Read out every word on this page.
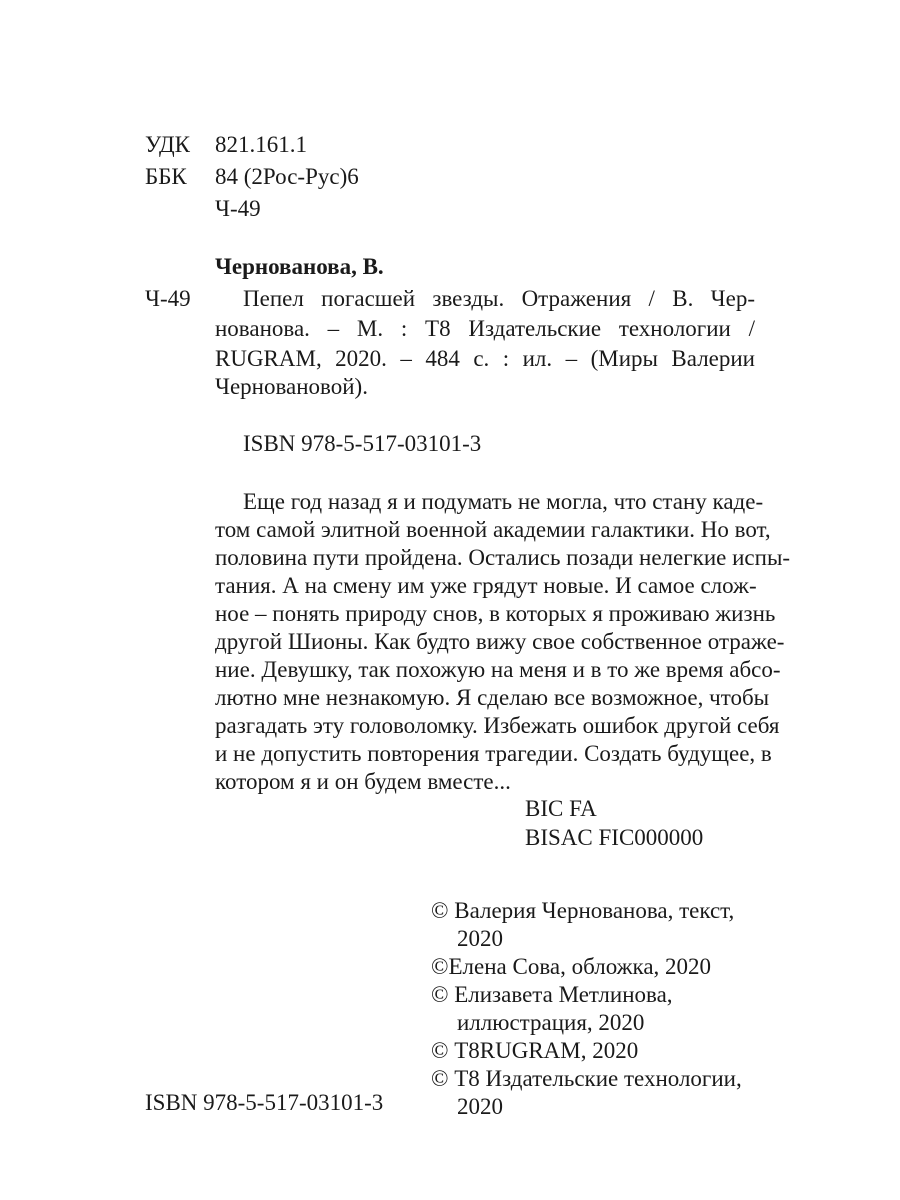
УДК 821.161.1
ББК 84 (2Рос-Рус)6
Ч-49
Чернованова, В.
Ч-49 Пепел погасшей звезды. Отражения / В. Чер-
нованова. – М. : Т8 Издательские технологии /
RUGRAM, 2020. – 484 с. : ил. – (Миры Валерии
Черновановой).
ISBN 978-5-517-03101-3
Еще год назад я и подумать не могла, что стану каде-
том самой элитной военной академии галактики. Но вот,
половина пути пройдена. Остались позади нелегкие испы-
тания. А на смену им уже грядут новые. И самое слож-
ное – понять природу снов, в которых я проживаю жизнь
другой Шионы. Как будто вижу свое собственное отраже-
ние. Девушку, так похожую на меня и в то же время абсо-
лютно мне незнакомую. Я сделаю все возможное, чтобы
разгадать эту головоломку. Избежать ошибок другой себя
и не допустить повторения трагедии. Создать будущее, в
котором я и он будем вместе...
BIC FA
BISAC FIC000000
© Валерия Чернованова, текст,
2020
©Елена Сова, обложка, 2020
© Елизавета Метлинова,
иллюстрация, 2020
© Т8RUGRAM, 2020
© Т8 Издательские технологии,
2020
ISBN 978-5-517-03101-3
